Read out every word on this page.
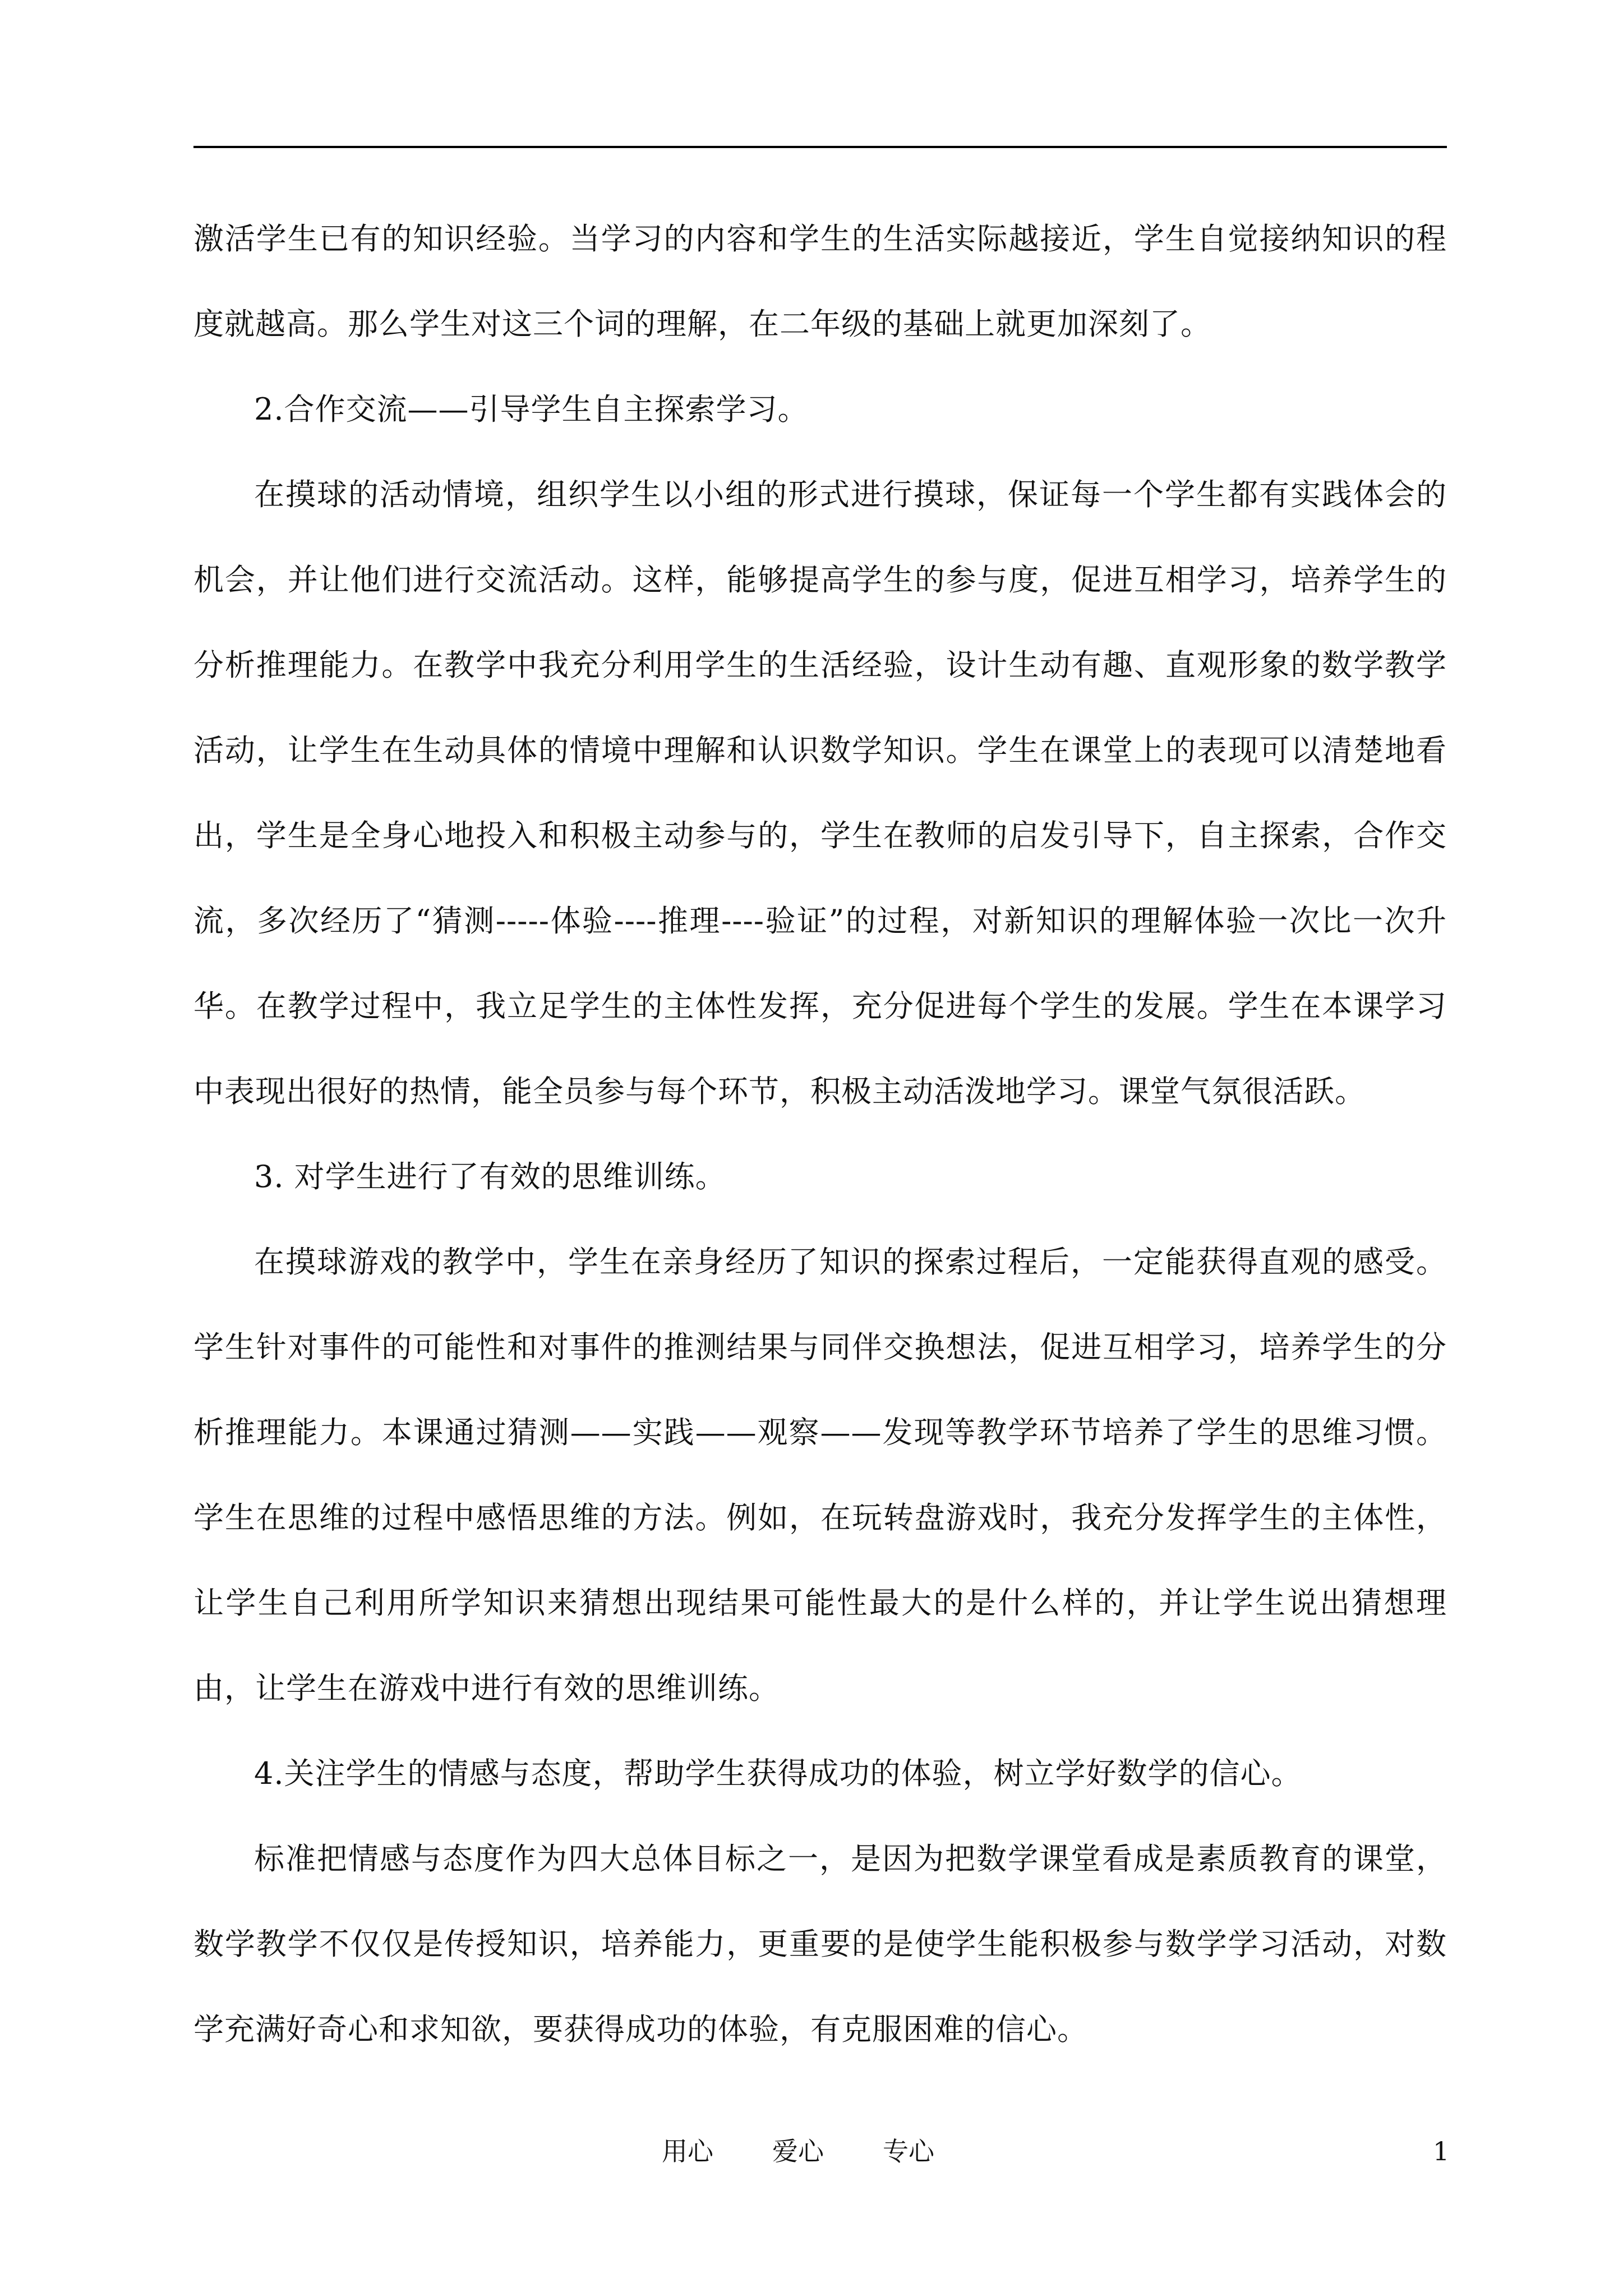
激活学生已有的知识经验。当学习的内容和学生的生活实际越接近，学生自觉接纳知识的程度就越高。那么学生对这三个词的理解，在二年级的基础上就更加深刻了。

2.合作交流——引导学生自主探索学习。

在摸球的活动情境，组织学生以小组的形式进行摸球，保证每一个学生都有实践体会的机会，并让他们进行交流活动。这样，能够提高学生的参与度，促进互相学习，培养学生的分析推理能力。在教学中我充分利用学生的生活经验，设计生动有趣、直观形象的数学教学活动，让学生在生动具体的情境中理解和认识数学知识。学生在课堂上的表现可以清楚地看出，学生是全身心地投入和积极主动参与的，学生在教师的启发引导下，自主探索，合作交流，多次经历了“猜测-----体验----推理----验证”的过程，对新知识的理解体验一次比一次升华。在教学过程中，我立足学生的主体性发挥，充分促进每个学生的发展。学生在本课学习中表现出很好的热情，能全员参与每个环节，积极主动活泼地学习。课堂气氛很活跃。

3. 对学生进行了有效的思维训练。

在摸球游戏的教学中，学生在亲身经历了知识的探索过程后，一定能获得直观的感受。学生针对事件的可能性和对事件的推测结果与同伴交换想法，促进互相学习，培养学生的分析推理能力。本课通过猜测——实践——观察——发现等教学环节培养了学生的思维习惯。学生在思维的过程中感悟思维的方法。例如，在玩转盘游戏时，我充分发挥学生的主体性，让学生自己利用所学知识来猜想出现结果可能性最大的是什么样的，并让学生说出猜想理由，让学生在游戏中进行有效的思维训练。

4.关注学生的情感与态度，帮助学生获得成功的体验，树立学好数学的信心。

标准把情感与态度作为四大总体目标之一，是因为把数学课堂看成是素质教育的课堂，数学教学不仅仅是传授知识，培养能力，更重要的是使学生能积极参与数学学习活动，对数学充满好奇心和求知欲，要获得成功的体验，有克服困难的信心。

用心 爱心 专心	1
